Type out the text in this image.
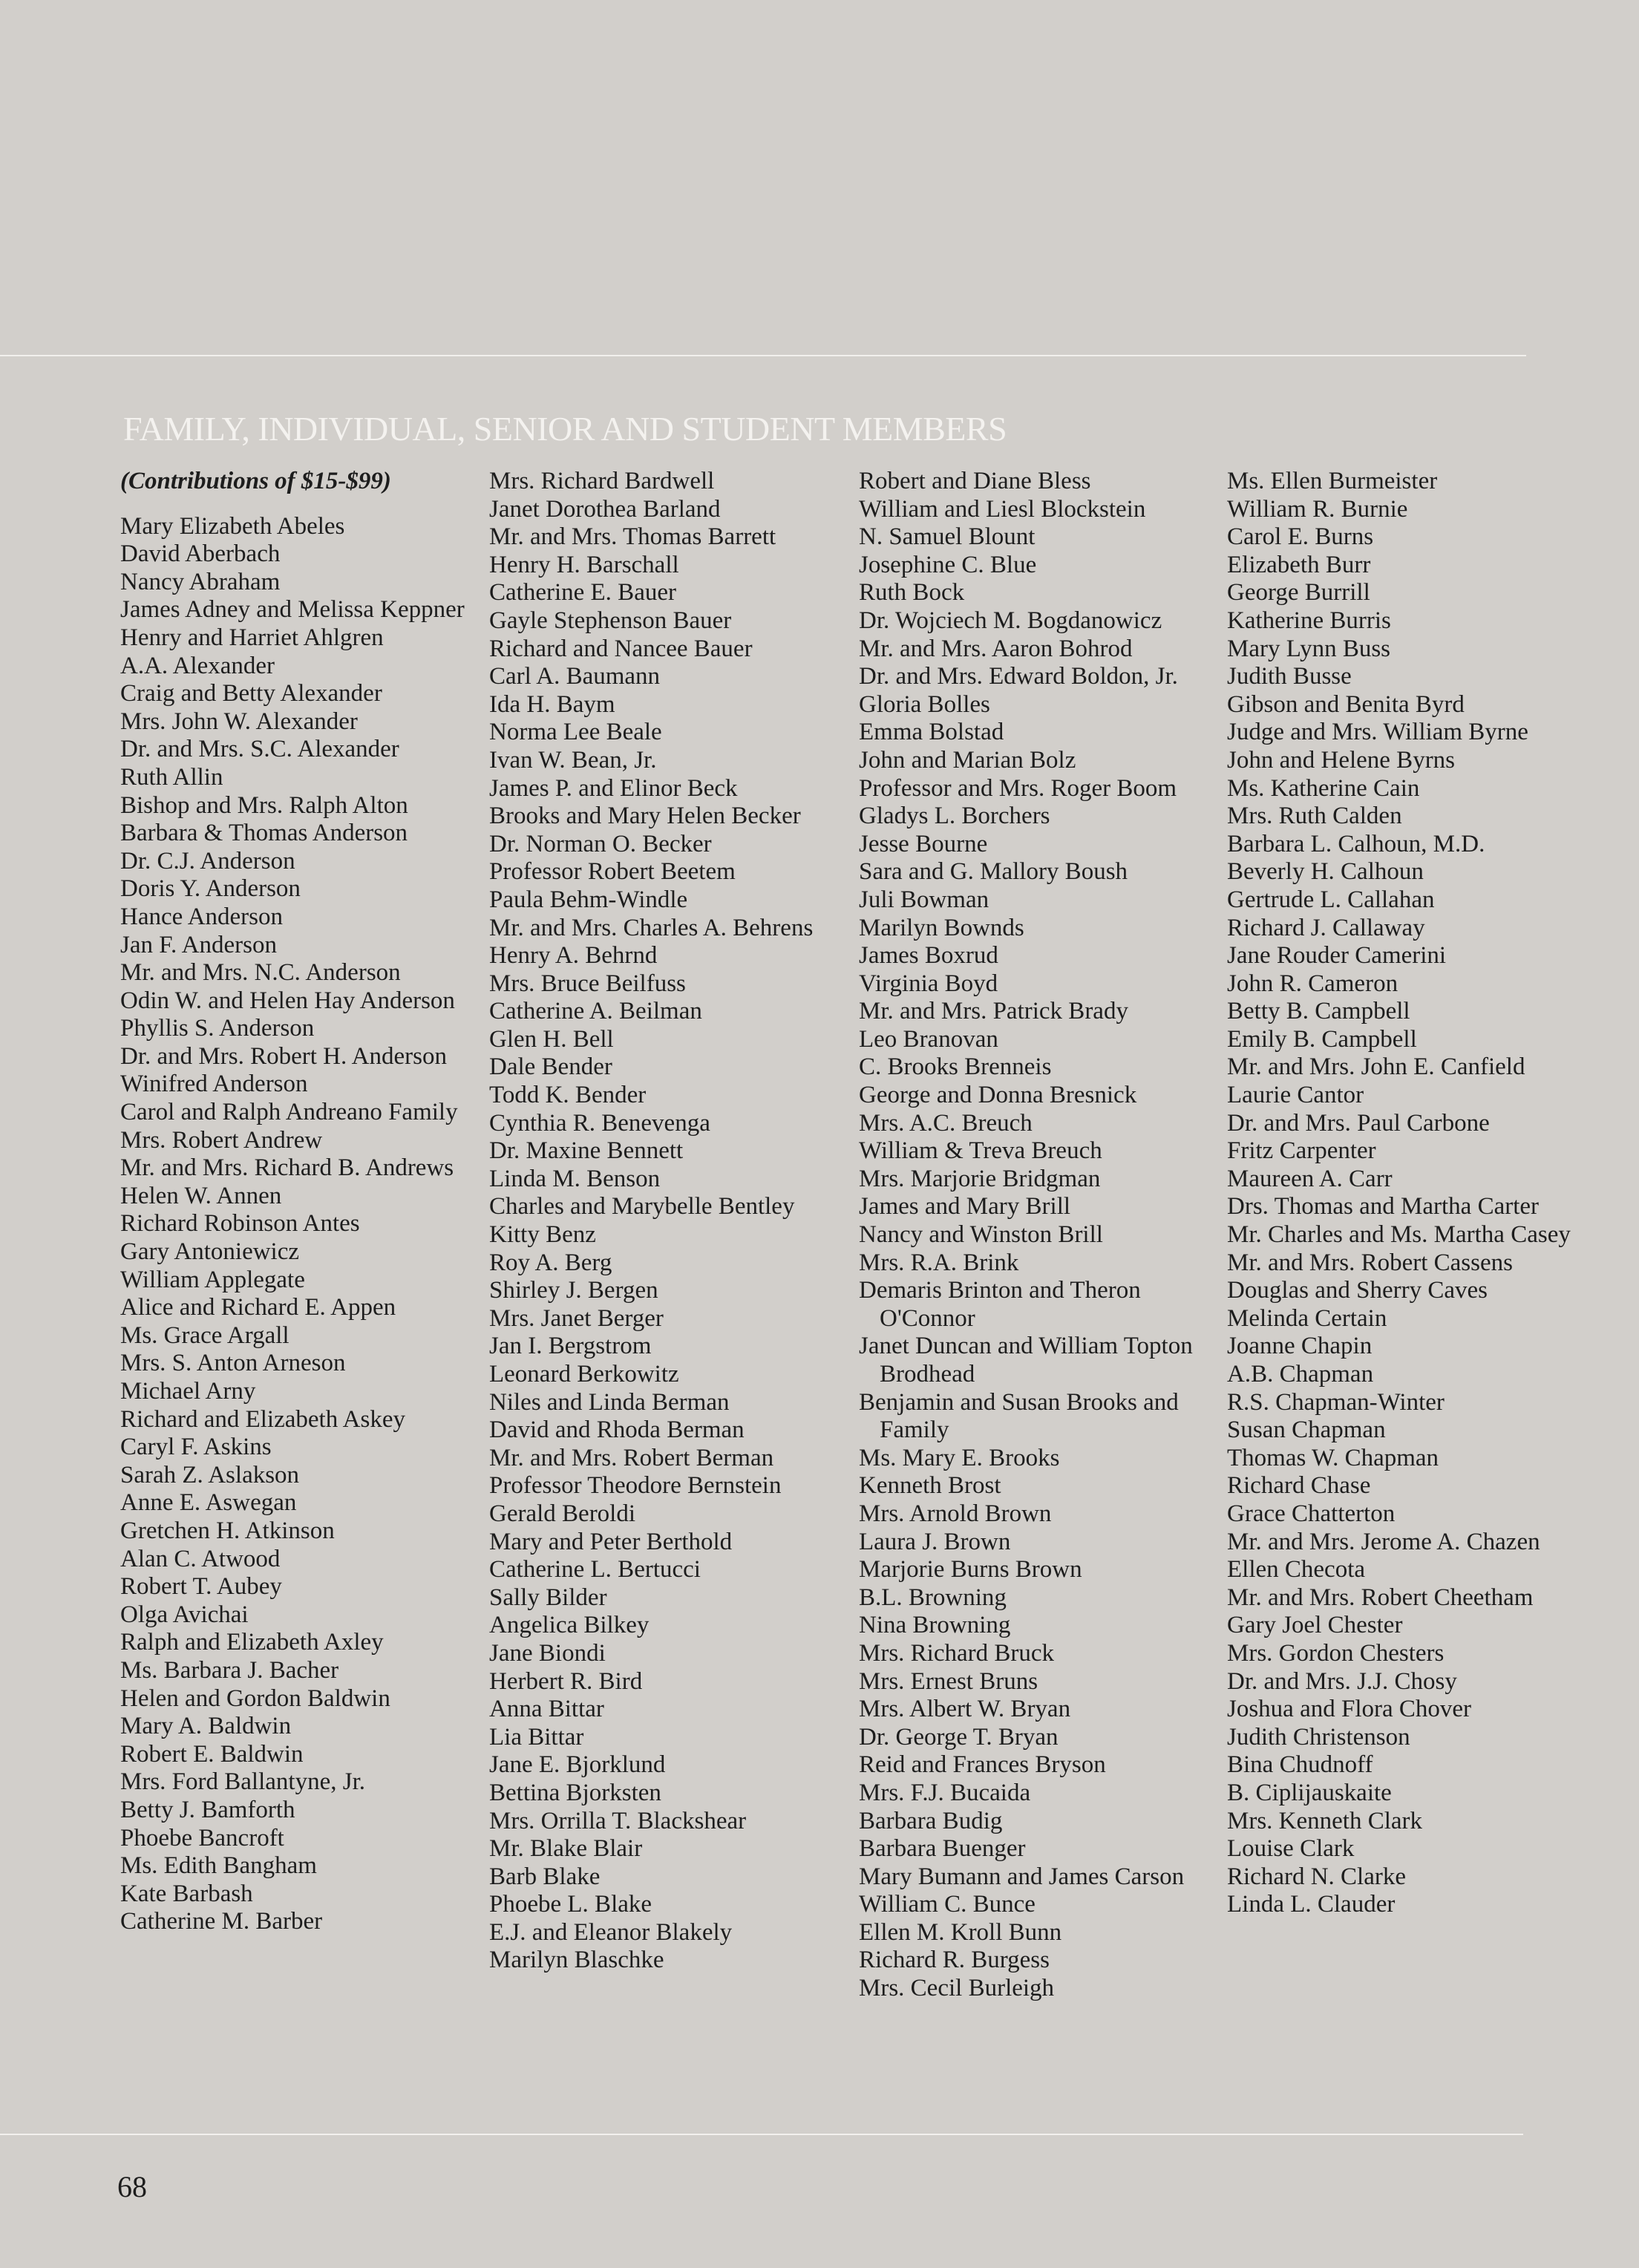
FAMILY, INDIVIDUAL, SENIOR AND STUDENT MEMBERS
(Contributions of $15-$99)
Mary Elizabeth Abeles
David Aberbach
Nancy Abraham
James Adney and Melissa Keppner
Henry and Harriet Ahlgren
A.A. Alexander
Craig and Betty Alexander
Mrs. John W. Alexander
Dr. and Mrs. S.C. Alexander
Ruth Allin
Bishop and Mrs. Ralph Alton
Barbara & Thomas Anderson
Dr. C.J. Anderson
Doris Y. Anderson
Hance Anderson
Jan F. Anderson
Mr. and Mrs. N.C. Anderson
Odin W. and Helen Hay Anderson
Phyllis S. Anderson
Dr. and Mrs. Robert H. Anderson
Winifred Anderson
Carol and Ralph Andreano Family
Mrs. Robert Andrew
Mr. and Mrs. Richard B. Andrews
Helen W. Annen
Richard Robinson Antes
Gary Antoniewicz
William Applegate
Alice and Richard E. Appen
Ms. Grace Argall
Mrs. S. Anton Arneson
Michael Arny
Richard and Elizabeth Askey
Caryl F. Askins
Sarah Z. Aslakson
Anne E. Aswegan
Gretchen H. Atkinson
Alan C. Atwood
Robert T. Aubey
Olga Avichai
Ralph and Elizabeth Axley
Ms. Barbara J. Bacher
Helen and Gordon Baldwin
Mary A. Baldwin
Robert E. Baldwin
Mrs. Ford Ballantyne, Jr.
Betty J. Bamforth
Phoebe Bancroft
Ms. Edith Bangham
Kate Barbash
Catherine M. Barber
Mrs. Richard Bardwell
Janet Dorothea Barland
Mr. and Mrs. Thomas Barrett
Henry H. Barschall
Catherine E. Bauer
Gayle Stephenson Bauer
Richard and Nancee Bauer
Carl A. Baumann
Ida H. Baym
Norma Lee Beale
Ivan W. Bean, Jr.
James P. and Elinor Beck
Brooks and Mary Helen Becker
Dr. Norman O. Becker
Professor Robert Beetem
Paula Behm-Windle
Mr. and Mrs. Charles A. Behrens
Henry A. Behrnd
Mrs. Bruce Beilfuss
Catherine A. Beilman
Glen H. Bell
Dale Bender
Todd K. Bender
Cynthia R. Benevenga
Dr. Maxine Bennett
Linda M. Benson
Charles and Marybelle Bentley
Kitty Benz
Roy A. Berg
Shirley J. Bergen
Mrs. Janet Berger
Jan I. Bergstrom
Leonard Berkowitz
Niles and Linda Berman
David and Rhoda Berman
Mr. and Mrs. Robert Berman
Professor Theodore Bernstein
Gerald Beroldi
Mary and Peter Berthold
Catherine L. Bertucci
Sally Bilder
Angelica Bilkey
Jane Biondi
Herbert R. Bird
Anna Bittar
Lia Bittar
Jane E. Bjorklund
Bettina Bjorksten
Mrs. Orrilla T. Blackshear
Mr. Blake Blair
Barb Blake
Phoebe L. Blake
E.J. and Eleanor Blakely
Marilyn Blaschke
Robert and Diane Bless
William and Liesl Blockstein
N. Samuel Blount
Josephine C. Blue
Ruth Bock
Dr. Wojciech M. Bogdanowicz
Mr. and Mrs. Aaron Bohrod
Dr. and Mrs. Edward Boldon, Jr.
Gloria Bolles
Emma Bolstad
John and Marian Bolz
Professor and Mrs. Roger Boom
Gladys L. Borchers
Jesse Bourne
Sara and G. Mallory Boush
Juli Bowman
Marilyn Bownds
James Boxrud
Virginia Boyd
Mr. and Mrs. Patrick Brady
Leo Branovan
C. Brooks Brenneis
George and Donna Bresnick
Mrs. A.C. Breuch
William & Treva Breuch
Mrs. Marjorie Bridgman
James and Mary Brill
Nancy and Winston Brill
Mrs. R.A. Brink
Demaris Brinton and Theron O'Connor
Janet Duncan and William Topton Brodhead
Benjamin and Susan Brooks and Family
Ms. Mary E. Brooks
Kenneth Brost
Mrs. Arnold Brown
Laura J. Brown
Marjorie Burns Brown
B.L. Browning
Nina Browning
Mrs. Richard Bruck
Mrs. Ernest Bruns
Mrs. Albert W. Bryan
Dr. George T. Bryan
Reid and Frances Bryson
Mrs. F.J. Bucaida
Barbara Budig
Barbara Buenger
Mary Bumann and James Carson
William C. Bunce
Ellen M. Kroll Bunn
Richard R. Burgess
Mrs. Cecil Burleigh
Ms. Ellen Burmeister
William R. Burnie
Carol E. Burns
Elizabeth Burr
George Burrill
Katherine Burris
Mary Lynn Buss
Judith Busse
Gibson and Benita Byrd
Judge and Mrs. William Byrne
John and Helene Byrns
Ms. Katherine Cain
Mrs. Ruth Calden
Barbara L. Calhoun, M.D.
Beverly H. Calhoun
Gertrude L. Callahan
Richard J. Callaway
Jane Rouder Camerini
John R. Cameron
Betty B. Campbell
Emily B. Campbell
Mr. and Mrs. John E. Canfield
Laurie Cantor
Dr. and Mrs. Paul Carbone
Fritz Carpenter
Maureen A. Carr
Drs. Thomas and Martha Carter
Mr. Charles and Ms. Martha Casey
Mr. and Mrs. Robert Cassens
Douglas and Sherry Caves
Melinda Certain
Joanne Chapin
A.B. Chapman
R.S. Chapman-Winter
Susan Chapman
Thomas W. Chapman
Richard Chase
Grace Chatterton
Mr. and Mrs. Jerome A. Chazen
Ellen Checota
Mr. and Mrs. Robert Cheetham
Gary Joel Chester
Mrs. Gordon Chesters
Dr. and Mrs. J.J. Chosy
Joshua and Flora Chover
Judith Christenson
Bina Chudnoff
B. Ciplijauskaite
Mrs. Kenneth Clark
Louise Clark
Richard N. Clarke
Linda L. Clauder
68
